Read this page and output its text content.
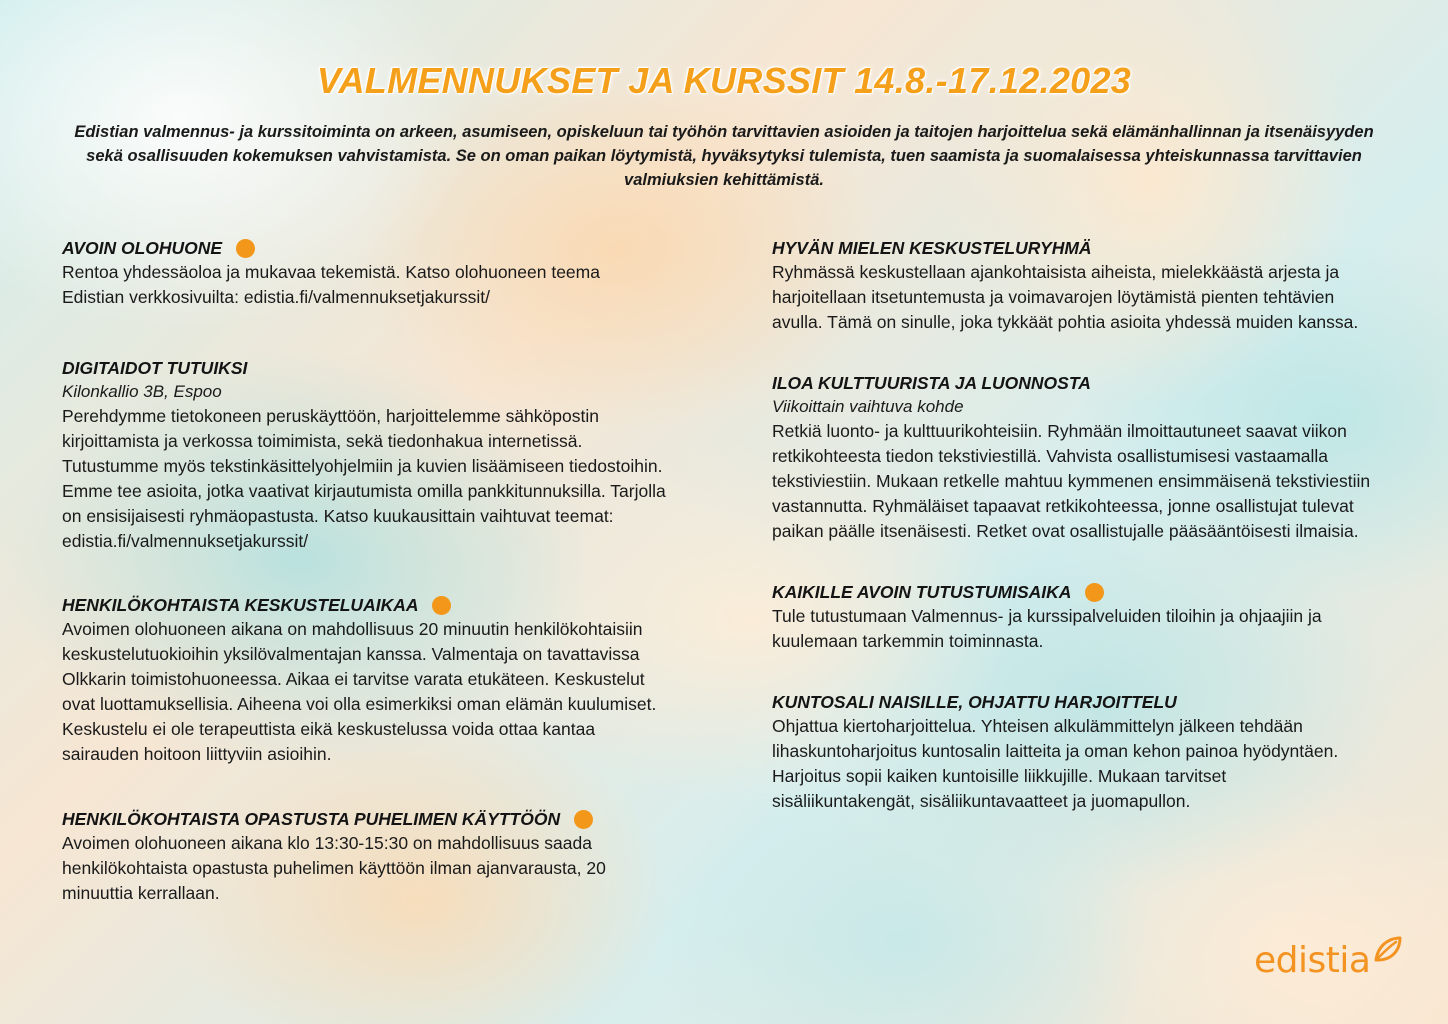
VALMENNUKSET JA KURSSIT 14.8.-17.12.2023
Edistian valmennus- ja kurssitoiminta on arkeen, asumiseen, opiskeluun tai työhön tarvittavien asioiden ja taitojen harjoittelua sekä elämänhallinnan ja itsenäisyyden sekä osallisuuden kokemuksen vahvistamista. Se on oman paikan löytymistä, hyväksytyksi tulemista, tuen saamista ja suomalaisessa yhteiskunnassa tarvittavien valmiuksien kehittämistä.
AVOIN OLOHUONE

Rentoa yhdessäoloa ja mukavaa tekemistä. Katso olohuoneen teema Edistian verkkosivuilta: edistia.fi/valmennuksetjakurssit/

DIGITAIDOT TUTUIKSI

Kilonkallio 3B, Espoo

Perehdymme tietokoneen peruskäyttöön, harjoittelemme sähköpostin kirjoittamista ja verkossa toimimista, sekä tiedonhakua internetissä. Tutustumme myös tekstinkäsittelyohjelmiin ja kuvien lisäämiseen tiedostoihin. Emme tee asioita, jotka vaativat kirjautumista omilla pankkitunnuksilla. Tarjolla on ensisijaisesti ryhmäopastusta. Katso kuukausittain vaihtuvat teemat: edistia.fi/valmennuksetjakurssit/

HENKILÖKOHTAISTA KESKUSTELUAIKAA

Avoimen olohuoneen aikana on mahdollisuus 20 minuutin henkilökohtaisiin keskustelutuokioihin yksilövalmentajan kanssa. Valmentaja on tavattavissa Olkkarin toimistohuoneessa. Aikaa ei tarvitse varata etukäteen. Keskustelut ovat luottamuksellisia. Aiheena voi olla esimerkiksi oman elämän kuulumiset. Keskustelu ei ole terapeuttista eikä keskustelussa voida ottaa kantaa sairauden hoitoon liittyviin asioihin.

HENKILÖKOHTAISTA OPASTUSTA PUHELIMEN KÄYTTÖÖN

Avoimen olohuoneen aikana klo 13:30-15:30 on mahdollisuus saada henkilökohtaista opastusta puhelimen käyttöön ilman ajanvarausta, 20 minuuttia kerrallaan.

HYVÄN MIELEN KESKUSTELURYHMÄ

Ryhmässä keskustellaan ajankohtaisista aiheista, mielekkäästä arjesta ja harjoitellaan itsetuntemusta ja voimavarojen löytämistä pienten tehtävien avulla. Tämä on sinulle, joka tykkäät pohtia asioita yhdessä muiden kanssa.

ILOA KULTTUURISTA JA LUONNOSTA

Viikoittain vaihtuva kohde

Retkiä luonto- ja kulttuurikohteisiin. Ryhmään ilmoittautuneet saavat viikon retkikohteesta tiedon tekstiviestillä. Vahvista osallistumisesi vastaamalla tekstiviestiin. Mukaan retkelle mahtuu kymmenen ensimmäisenä tekstiviestiin vastannutta. Ryhmäläiset tapaavat retkikohteessa, jonne osallistujat tulevat paikan päälle itsenäisesti. Retket ovat osallistujalle pääsääntöisesti ilmaisia.

KAIKILLE AVOIN TUTUSTUMISAIKA

Tule tutustumaan Valmennus- ja kurssipalveluiden tiloihin ja ohjaajiin ja kuulemaan tarkemmin toiminnasta.

KUNTOSALI NAISILLE, OHJATTU HARJOITTELU

Ohjattua kiertoharjoittelua. Yhteisen alkulämmittelyn jälkeen tehdään lihaskuntoharjoitus kuntosalin laitteita ja oman kehon painoa hyödyntäen. Harjoitus sopii kaiken kuntoisille liikkujille. Mukaan tarvitset sisäliikuntakengät, sisäliikuntavaatteet ja juomapullon.

edistia
